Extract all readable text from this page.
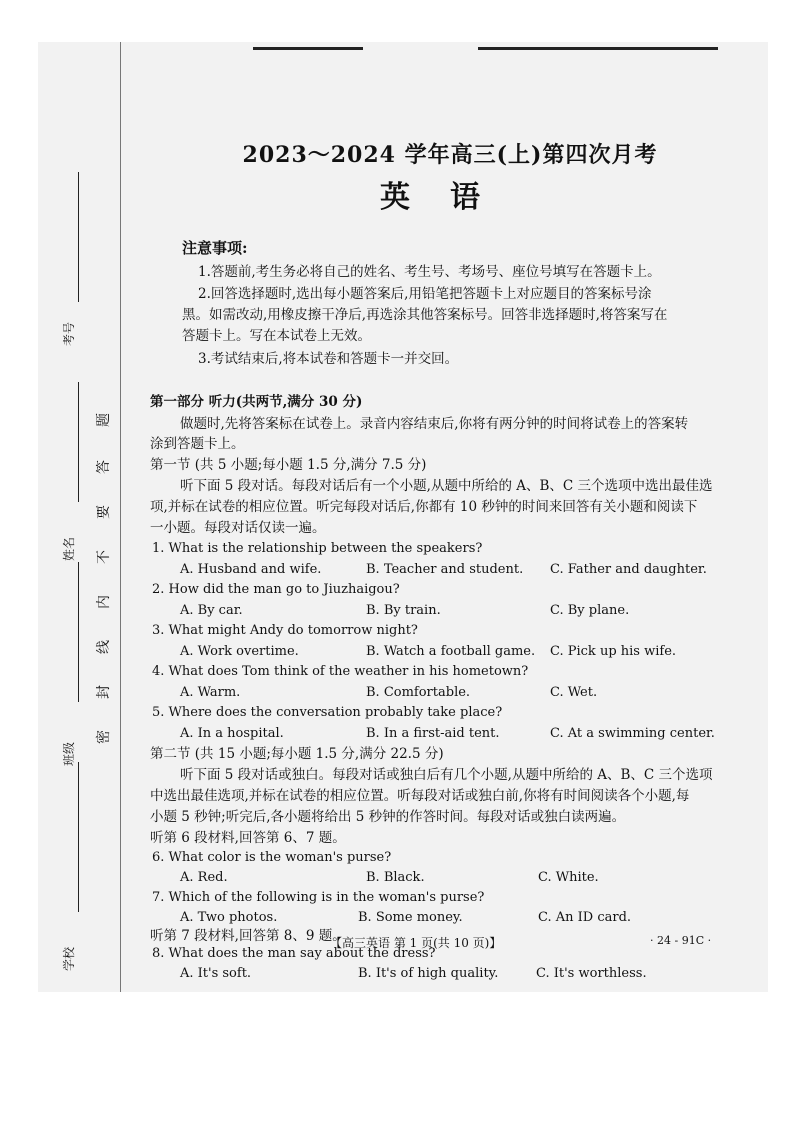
考号
姓名
班级
学校
题
答
要
不
内
线
封
密
2023～2024 学年高三(上)第四次月考
英语
注意事项:
1.答题前,考生务必将自己的姓名、考生号、考场号、座位号填写在答题卡上。
2.回答选择题时,选出每小题答案后,用铅笔把答题卡上对应题目的答案标号涂
黑。如需改动,用橡皮擦干净后,再选涂其他答案标号。回答非选择题时,将答案写在
答题卡上。写在本试卷上无效。
3.考试结束后,将本试卷和答题卡一并交回。
第一部分 听力(共两节,满分 30 分)
做题时,先将答案标在试卷上。录音内容结束后,你将有两分钟的时间将试卷上的答案转
涂到答题卡上。
第一节 (共 5 小题;每小题 1.5 分,满分 7.5 分)
听下面 5 段对话。每段对话后有一个小题,从题中所给的 A、B、C 三个选项中选出最佳选
项,并标在试卷的相应位置。听完每段对话后,你都有 10 秒钟的时间来回答有关小题和阅读下
一小题。每段对话仅读一遍。
1. What is the relationship between the speakers?
A. Husband and wife.	B. Teacher and student. C. Father and daughter.
2. How did the man go to Jiuzhaigou?
A. By car.	B. By train.	C. By plane.
3. What might Andy do tomorrow night?
A. Work overtime.	B. Watch a football game. C. Pick up his wife.
4. What does Tom think of the weather in his hometown?
A. Warm.	B. Comfortable.	C. Wet.
5. Where does the conversation probably take place?
A. In a hospital.	B. In a first-aid tent.	C. At a swimming center.
第二节 (共 15 小题;每小题 1.5 分,满分 22.5 分)
听下面 5 段对话或独白。每段对话或独白后有几个小题,从题中所给的 A、B、C 三个选项
中选出最佳选项,并标在试卷的相应位置。听每段对话或独白前,你将有时间阅读各个小题,每
小题 5 秒钟;听完后,各小题将给出 5 秒钟的作答时间。每段对话或独白读两遍。
听第 6 段材料,回答第 6、7 题。
6. What color is the woman's purse?
A. Red.	B. Black.	C. White.
7. Which of the following is in the woman's purse?
A. Two photos.	B. Some money.	C. An ID card.
听第 7 段材料,回答第 8、9 题。
8. What does the man say about the dress?
A. It's soft.	B. It's of high quality.	C. It's worthless.
【高三英语 第 1 页(共 10 页)】	· 24 - 91C ·
